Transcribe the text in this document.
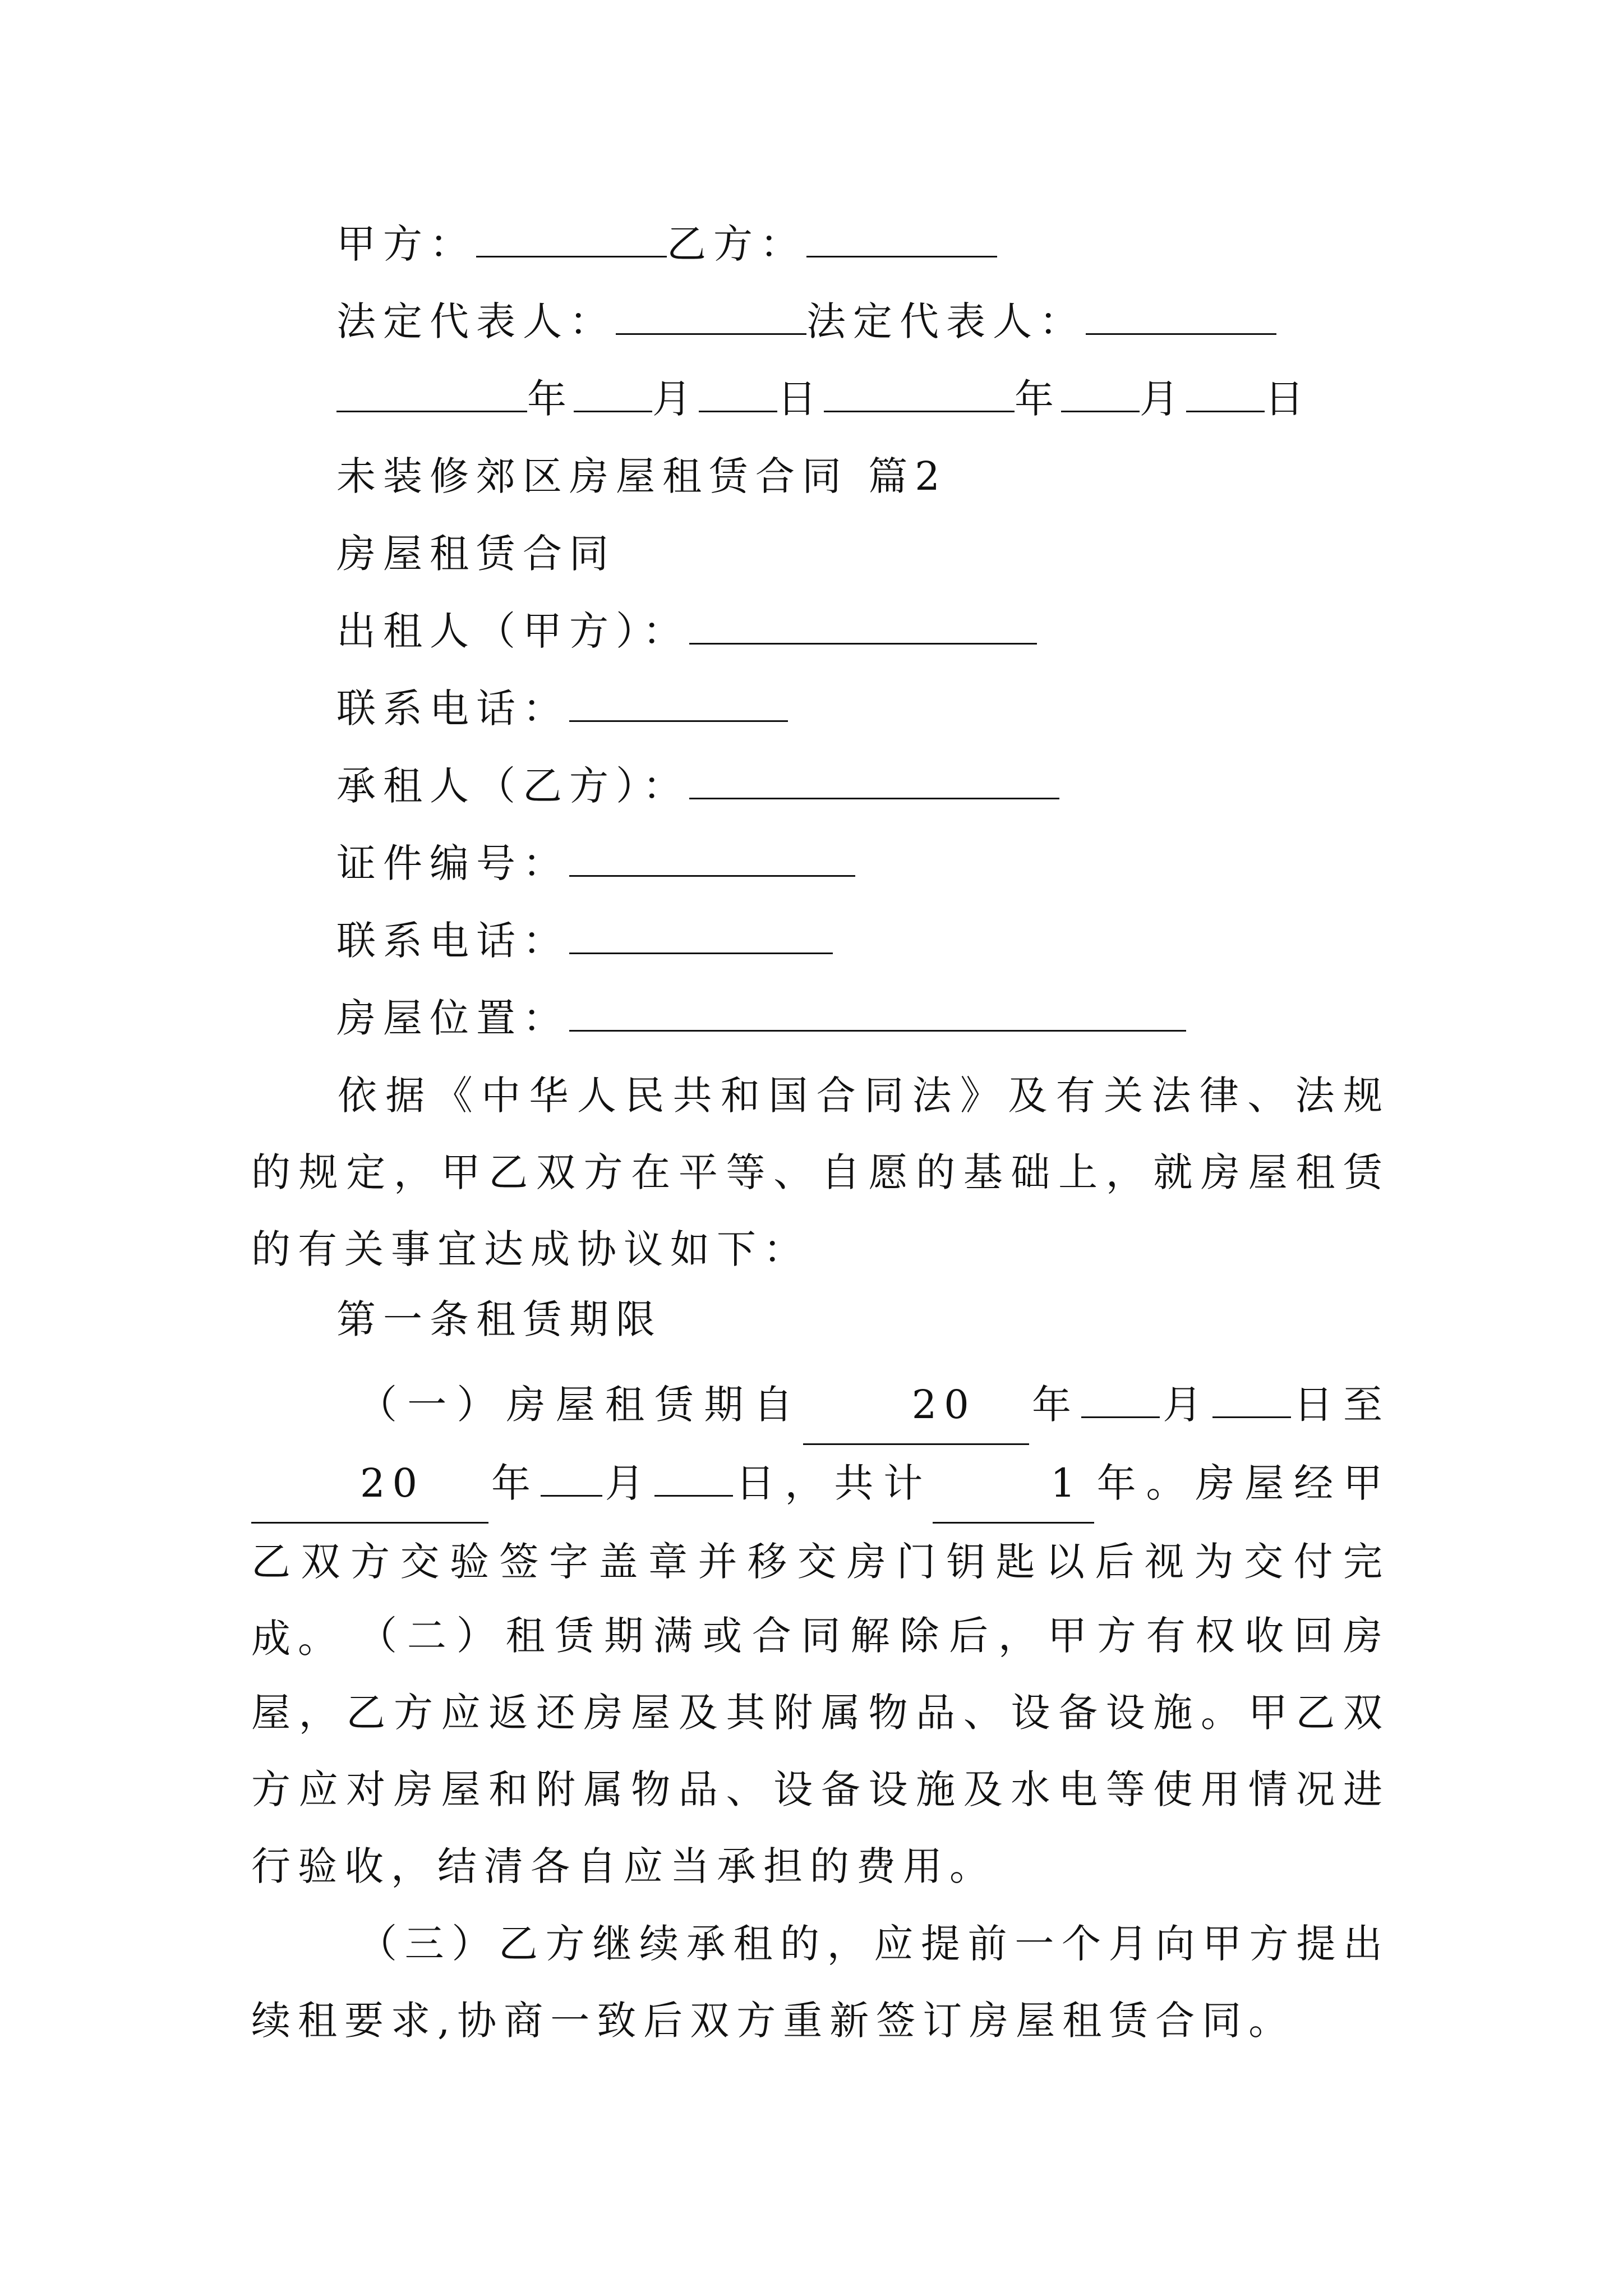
甲方：	乙方：
法定代表人：	法定代表人：
年 月 日	年 月 日
未装修郊区房屋租赁合同 篇2
房屋租赁合同
出租人（甲方）：
联系电话：
承租人（乙方）：
证件编号：
联系电话：
房屋位置：
依据《中华人民共和国合同法》及有关法律、法规的规定，甲乙双方在平等、自愿的基础上，就房屋租赁的有关事宜达成协议如下：
第一条租赁期限
（一）房屋租赁期自	20 年 月 日至20 年 月 日，共计	1 年。房屋经甲乙双方交验签字盖章并移交房门钥匙以后视为交付完成。 （二）租赁期满或合同解除后，甲方有权收回房屋，乙方应返还房屋及其附属物品、设备设施。甲乙双方应对房屋和附属物品、设备设施及水电等使用情况进行验收，结清各自应当承担的费用。
（三）乙方继续承租的，应提前一个月向甲方提出续租要求,协商一致后双方重新签订房屋租赁合同。
